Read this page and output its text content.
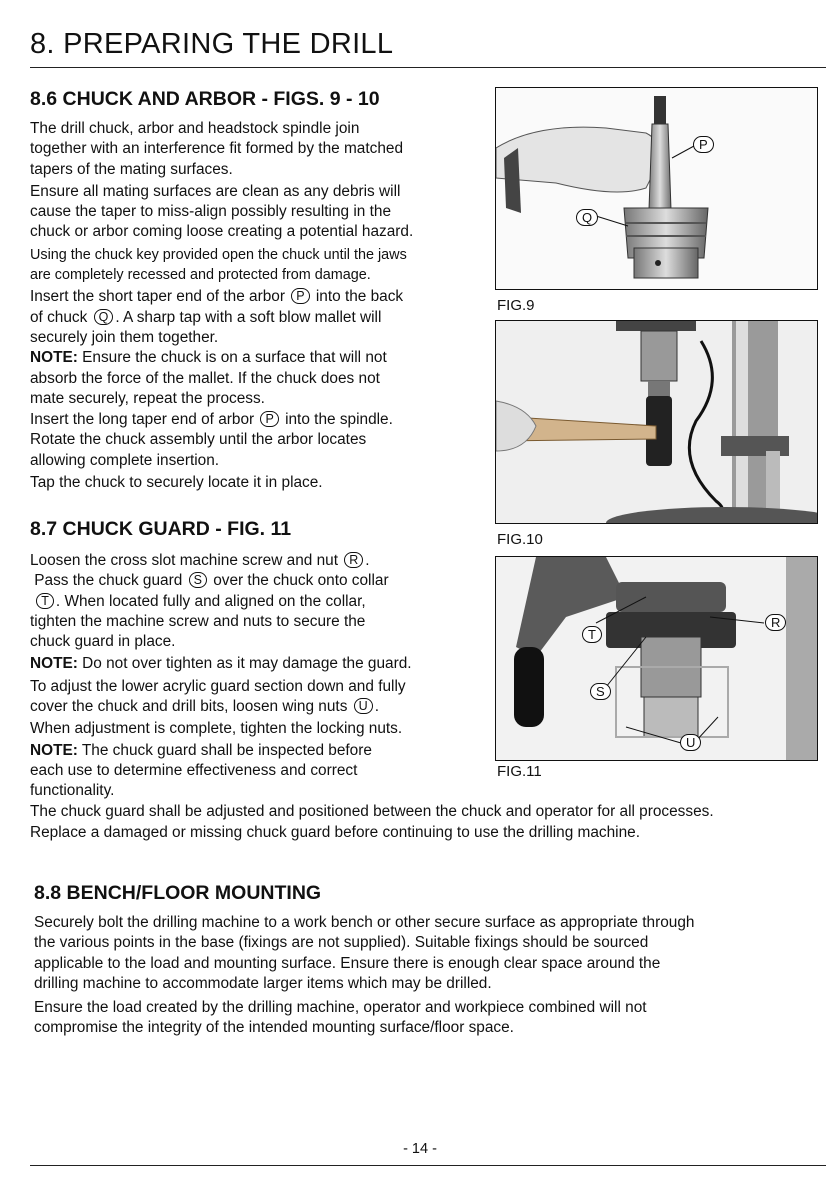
8. PREPARING THE DRILL
8.6 CHUCK AND ARBOR - FIGS. 9 - 10
The drill chuck, arbor and headstock spindle join
together with an interference fit formed by the matched
tapers of the mating surfaces.
Ensure all mating surfaces are clean as any debris will
cause the taper to miss-align possibly resulting in the
chuck or arbor coming loose creating a potential hazard.
Using the chuck key provided open the chuck until the jaws
are completely recessed and protected from damage.
Insert the short taper end of the arbor P into the back
of chuck Q . A sharp tap with a soft blow mallet will
securely join them together.
NOTE: Ensure the chuck is on a surface that will not
absorb the force of the mallet. If the chuck does not
mate securely, repeat the process.
Insert the long taper end of arbor P into the spindle.
Rotate the chuck assembly until the arbor locates
allowing complete insertion.
Tap the chuck to securely locate it in place.
8.7 CHUCK GUARD - FIG. 11
Loosen the cross slot machine screw and nut R .
Pass the chuck guard S over the chuck onto collar
T . When located fully and aligned on the collar,
tighten the machine screw and nuts to secure the
chuck guard in place.
NOTE: Do not over tighten as it may damage the guard.
To adjust the lower acrylic guard section down and fully
cover the chuck and drill bits, loosen wing nuts U .
When adjustment is complete, tighten the locking nuts.
NOTE: The chuck guard shall be inspected before
each use to determine effectiveness and correct
functionality.
The chuck guard shall be adjusted and positioned between the chuck and operator for all processes.
Replace a damaged or missing chuck guard before continuing to use the drilling machine.
8.8 BENCH/FLOOR MOUNTING
Securely bolt the drilling machine to a work bench or other secure surface as appropriate through
the various points in the base (fixings are not supplied). Suitable fixings should be sourced
applicable to the load and mounting surface. Ensure there is enough clear space around the
drilling machine to accommodate larger items which may be drilled.
Ensure the load created by the drilling machine, operator and workpiece combined will not
compromise the integrity of the intended mounting surface/floor space.
P
Q
FIG.9
FIG.10
T
R
S
U
FIG.11
- 14 -
